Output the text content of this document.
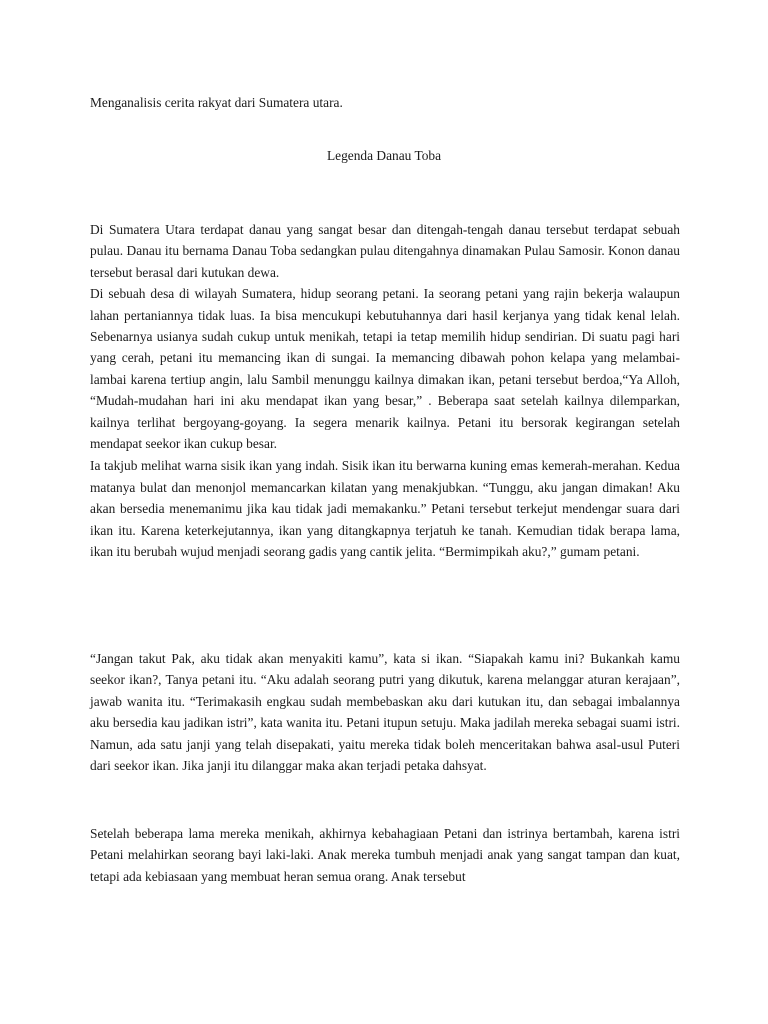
Menganalisis cerita rakyat dari Sumatera utara.

Legenda Danau Toba

Di Sumatera Utara terdapat danau yang sangat besar dan ditengah-tengah danau tersebut terdapat sebuah pulau. Danau itu bernama Danau Toba sedangkan pulau ditengahnya dinamakan Pulau Samosir. Konon danau tersebut berasal dari kutukan dewa.

Di sebuah desa di wilayah Sumatera, hidup seorang petani. Ia seorang petani yang rajin bekerja walaupun lahan pertaniannya tidak luas. Ia bisa mencukupi kebutuhannya dari hasil kerjanya yang tidak kenal lelah. Sebenarnya usianya sudah cukup untuk menikah, tetapi ia tetap memilih hidup sendirian. Di suatu pagi hari yang cerah, petani itu memancing ikan di sungai. Ia memancing dibawah pohon kelapa yang melambai-lambai karena tertiup angin, lalu Sambil menunggu kailnya dimakan ikan, petani tersebut berdoa,“Ya Alloh, “Mudah-mudahan hari ini aku mendapat ikan yang besar,” . Beberapa saat setelah kailnya dilemparkan, kailnya terlihat bergoyang-goyang. Ia segera menarik kailnya. Petani itu bersorak kegirangan setelah mendapat seekor ikan cukup besar.

Ia takjub melihat warna sisik ikan yang indah. Sisik ikan itu berwarna kuning emas kemerah-merahan. Kedua matanya bulat dan menonjol memancarkan kilatan yang menakjubkan. “Tunggu, aku jangan dimakan! Aku akan bersedia menemanimu jika kau tidak jadi memakanku.” Petani tersebut terkejut mendengar suara dari ikan itu. Karena keterkejutannya, ikan yang ditangkapnya terjatuh ke tanah. Kemudian tidak berapa lama, ikan itu berubah wujud menjadi seorang gadis yang cantik jelita. “Bermimpikah aku?,” gumam petani.

“Jangan takut Pak, aku tidak akan menyakiti kamu”, kata si ikan. “Siapakah kamu ini? Bukankah kamu seekor ikan?, Tanya petani itu. “Aku adalah seorang putri yang dikutuk, karena melanggar aturan kerajaan”, jawab wanita itu. “Terimakasih engkau sudah membebaskan aku dari kutukan itu, dan sebagai imbalannya aku bersedia kau jadikan istri”, kata wanita itu. Petani itupun setuju. Maka jadilah mereka sebagai suami istri. Namun, ada satu janji yang telah disepakati, yaitu mereka tidak boleh menceritakan bahwa asal-usul Puteri dari seekor ikan. Jika janji itu dilanggar maka akan terjadi petaka dahsyat.

Setelah beberapa lama mereka menikah, akhirnya kebahagiaan Petani dan istrinya bertambah, karena istri Petani melahirkan seorang bayi laki-laki. Anak mereka tumbuh menjadi anak yang sangat tampan dan kuat, tetapi ada kebiasaan yang membuat heran semua orang. Anak tersebut
